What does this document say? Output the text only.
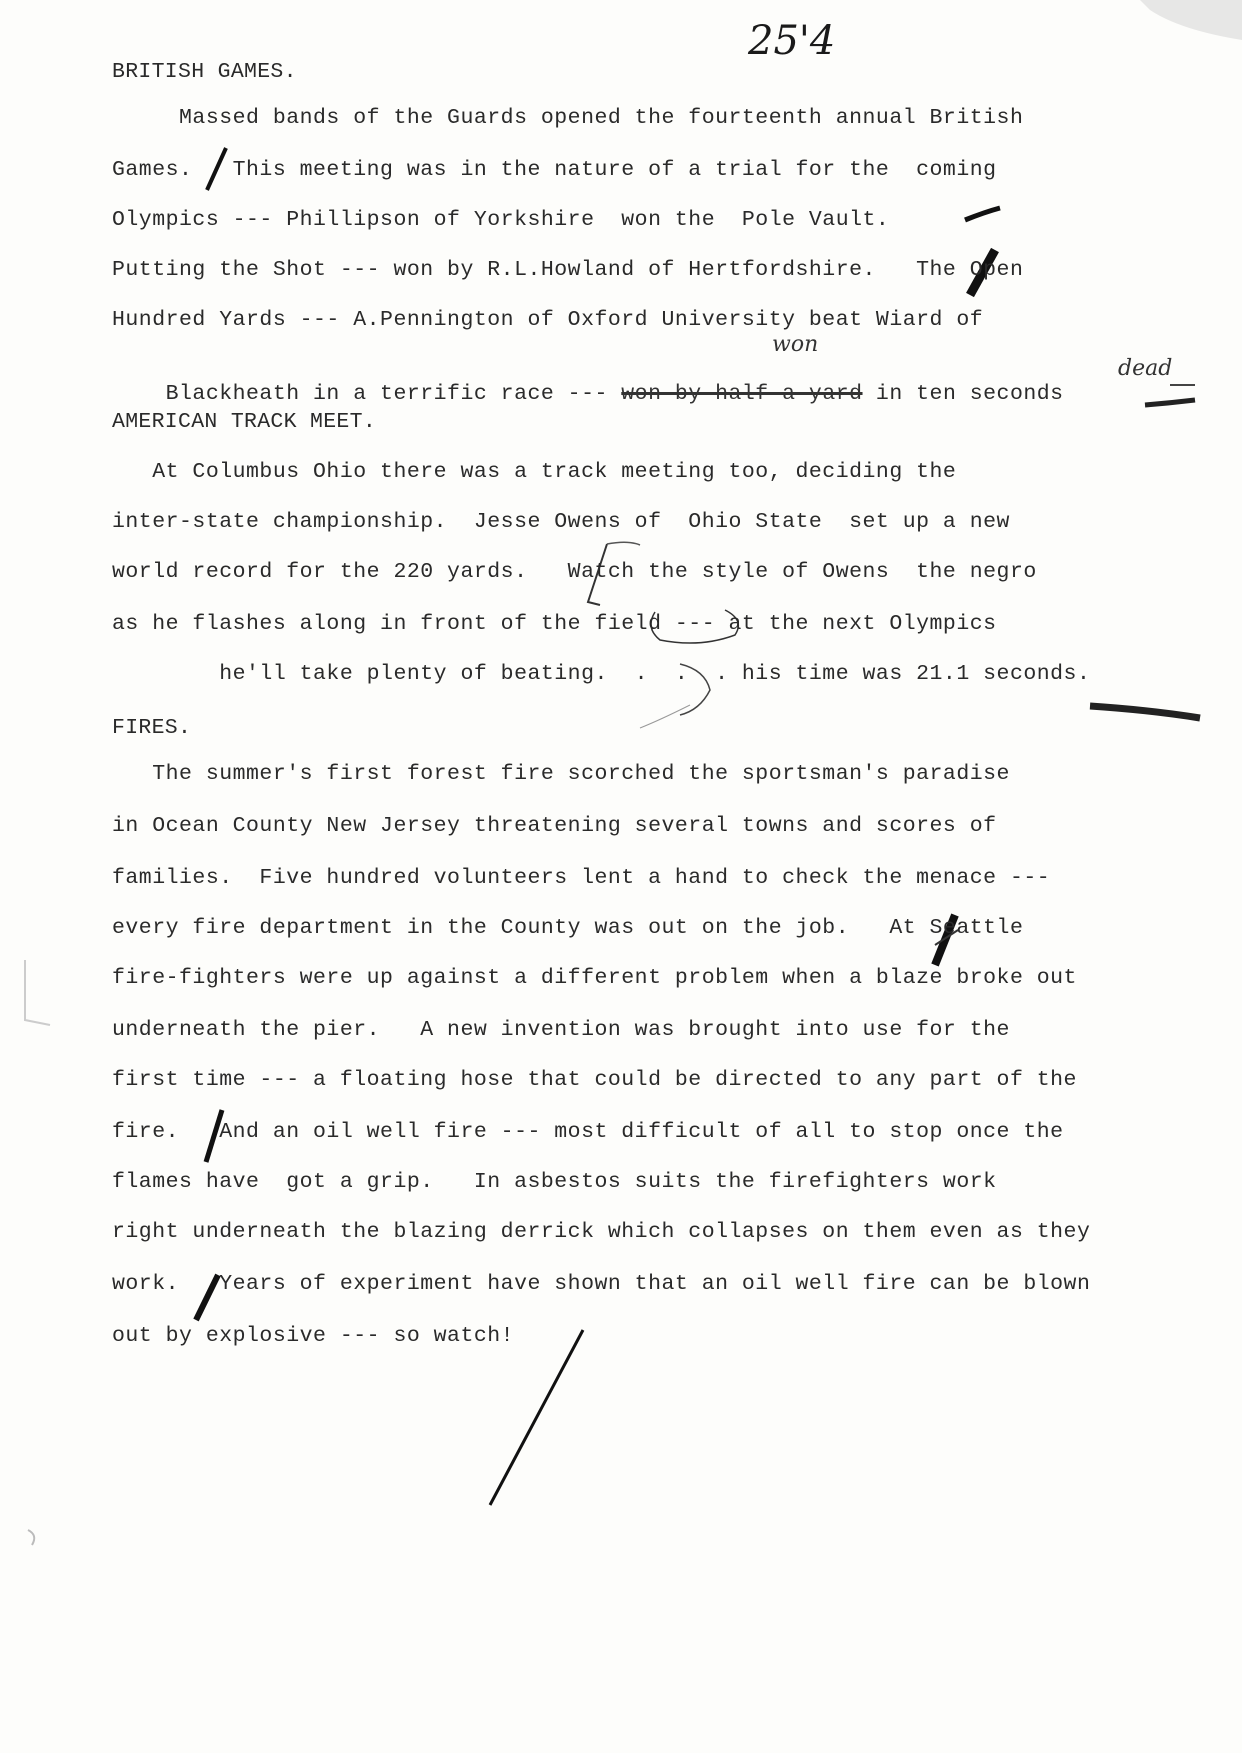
25'4
BRITISH GAMES.
Massed bands of the Guards opened the fourteenth annual British
Games.   This meeting was in the nature of a trial for the  coming
Olympics --- Phillipson of Yorkshire  won the  Pole Vault.
Putting the Shot --- won by R.L.Howland of Hertfordshire.   The Open
Hundred Yards --- A.Pennington of Oxford University beat Wiard of

Blackheath in a terrific race --- won by half a yard in ten seconds

won
dead
AMERICAN TRACK MEET.
At Columbus Ohio there was a track meeting too, deciding the
inter-state championship.  Jesse Owens of  Ohio State  set up a new
world record for the 220 yards.   Watch the style of Owens  the negro
as he flashes along in front of the field --- at the next Olympics
he'll take plenty of beating.  .  .  . his time was 21.1 seconds.
FIRES.
The summer's first forest fire scorched the sportsman's paradise
in Ocean County New Jersey threatening several towns and scores of
families.  Five hundred volunteers lent a hand to check the menace ---
every fire department in the County was out on the job.   At Seattle
fire-fighters were up against a different problem when a blaze broke out
underneath the pier.   A new invention was brought into use for the
first time --- a floating hose that could be directed to any part of the
fire.   And an oil well fire --- most difficult of all to stop once the
flames have  got a grip.   In asbestos suits the firefighters work
right underneath the blazing derrick which collapses on them even as they
work.   Years of experiment have shown that an oil well fire can be blown
out by explosive --- so watch!
